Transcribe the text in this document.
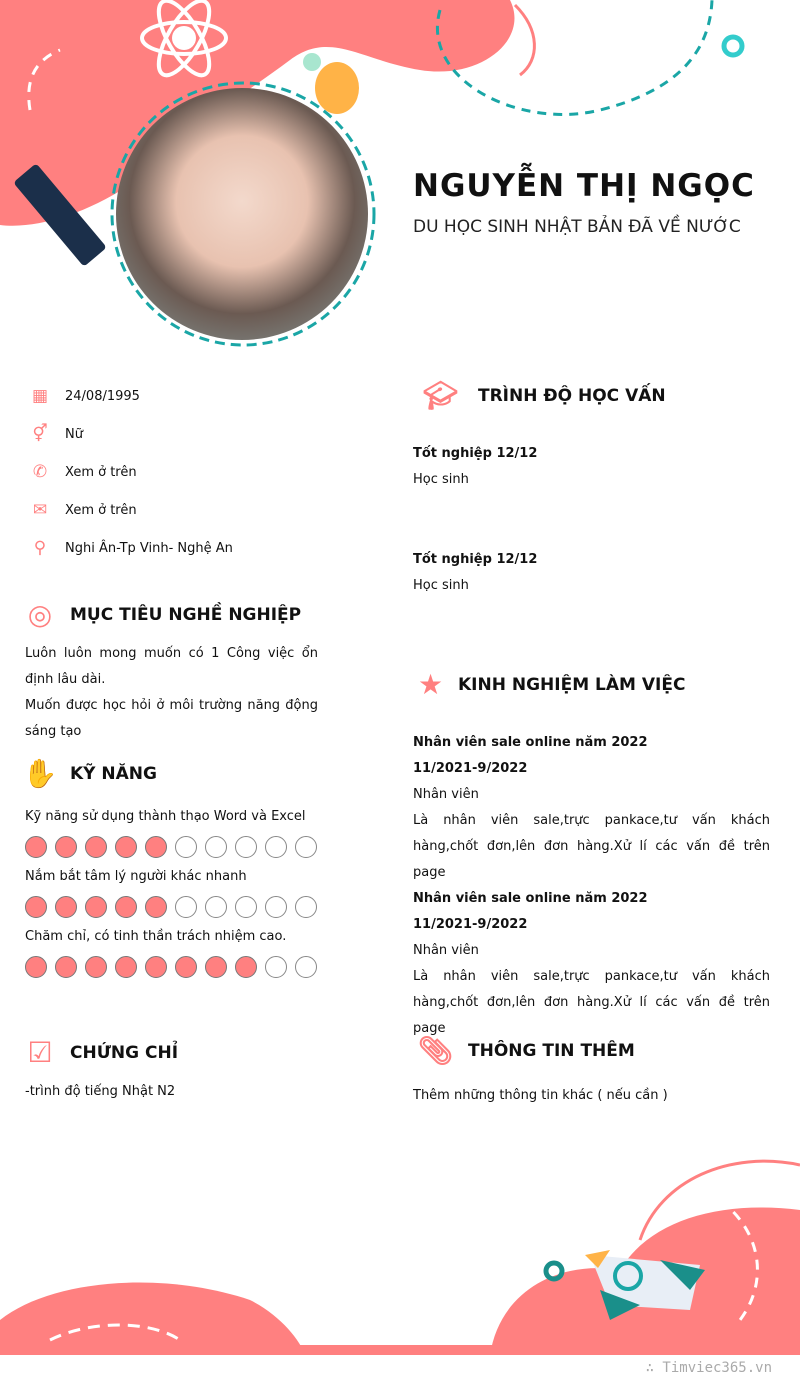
NGUYỄN THỊ NGỌC
DU HỌC SINH NHẬT BẢN ĐÃ VỀ NƯỚC
▦ 24/08/1995
⚥ Nữ
✆ Xem ở trên
✉ Xem ở trên
⚲ Nghi Ân-Tp Vinh- Nghệ An
◎	MỤC TIÊU NGHỀ NGHIỆP
Luôn luôn mong muốn có 1 Công việc ổn định lâu dài.
Muốn được học hỏi ở môi trường năng động sáng tạo
✋ KỸ NĂNG
Kỹ năng sử dụng thành thạo Word và Excel
Nắm bắt tâm lý người khác nhanh
Chăm chỉ, có tinh thần trách nhiệm cao.
☑	CHỨNG CHỈ
-trình độ tiếng Nhật N2
🎓︎	TRÌNH ĐỘ HỌC VẤN
Tốt nghiệp 12/12
Học sinh
Tốt nghiệp 12/12
Học sinh
★ KINH NGHIỆM LÀM VIỆC
Nhân viên sale online năm 2022
11/2021-9/2022
Nhân viên
Là nhân viên sale,trực pankace,tư vấn khách hàng,chốt đơn,lên đơn hàng.Xử lí các vấn đề trên page
Nhân viên sale online năm 2022
11/2021-9/2022
Nhân viên
Là nhân viên sale,trực pankace,tư vấn khách hàng,chốt đơn,lên đơn hàng.Xử lí các vấn đề trên page
📎︎ THÔNG TIN THÊM
Thêm những thông tin khác ( nếu cần )
∴ Timviec365.vn
